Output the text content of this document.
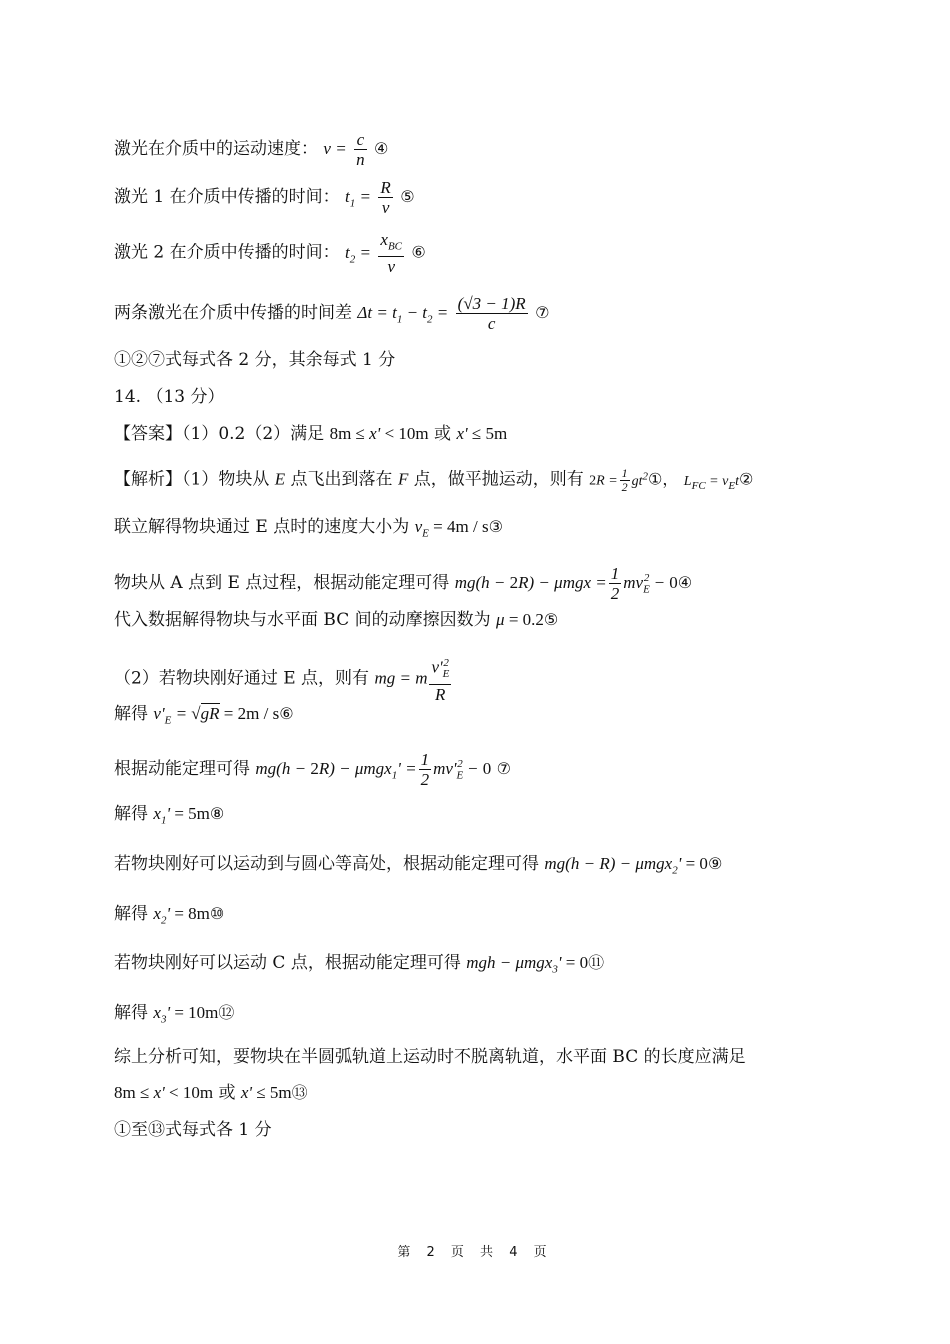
激光在介质中的运动速度： $v = \frac{c}{n}$ ④
激光 1 在介质中传播的时间： $t_1 = \frac{R}{v}$ ⑤
激光 2 在介质中传播的时间： $t_2 = \frac{x_{BC}}{v}$ ⑥
两条激光在介质中传播的时间差 $\Delta t = t_1 - t_2 = \frac{(√3 - 1)R}{c}$ ⑦
①②⑦式每式各 2 分，其余每式 1 分
14. （13 分）
【答案】（1）0.2（2）满足 8m ≤ x' < 10m 或 x' ≤ 5m
【解析】（1）物块从 E 点飞出到落在 F 点，做平抛运动，则有 $2R = \frac{1}{2}$ $gt^2①$， $L_{FC}$ = $v_Et②$
联立解得物块通过 E 点时的速度大小为 $v_E = 4m$ / s③
物块从 A 点到 E 点过程，根据动能定理可得 $mg(h - 2R) - \mu mgx = \frac{1}{2} mv_E^2$ − 0④
代入数据解得物块与水平面 BC 间的动摩擦因数为 μ = 0.2⑤
（2）若物块刚好通过 E 点，则有 mg = m $\frac{v'_E^2}{R}$
解得 $v'_E = √gR = 2m$ / s⑥
根据动能定理可得 $mg(h - 2R) - \mu mgx_1' = \frac{1}{2} mv'_E^2 - 0$ ⑦
解得 $x_1'$ = 5m⑧
若物块刚好可以运动到与圆心等高处，根据动能定理可得 mg(h − R) − μmgx$_2$' = 0⑨
解得 $x_2'$ = 8m⑩
若物块刚好可以运动 C 点，根据动能定理可得 mgh − μmgx$_3$' = 0⑪
解得 $x_3'$ = 10m⑫
综上分析可知，要物块在半圆弧轨道上运动时不脱离轨道，水平面 BC 的长度应满足
8m ≤ x' < 10m 或 x' ≤ 5m⑬
①至⑬式每式各 1 分
第 2 页 共 4 页
